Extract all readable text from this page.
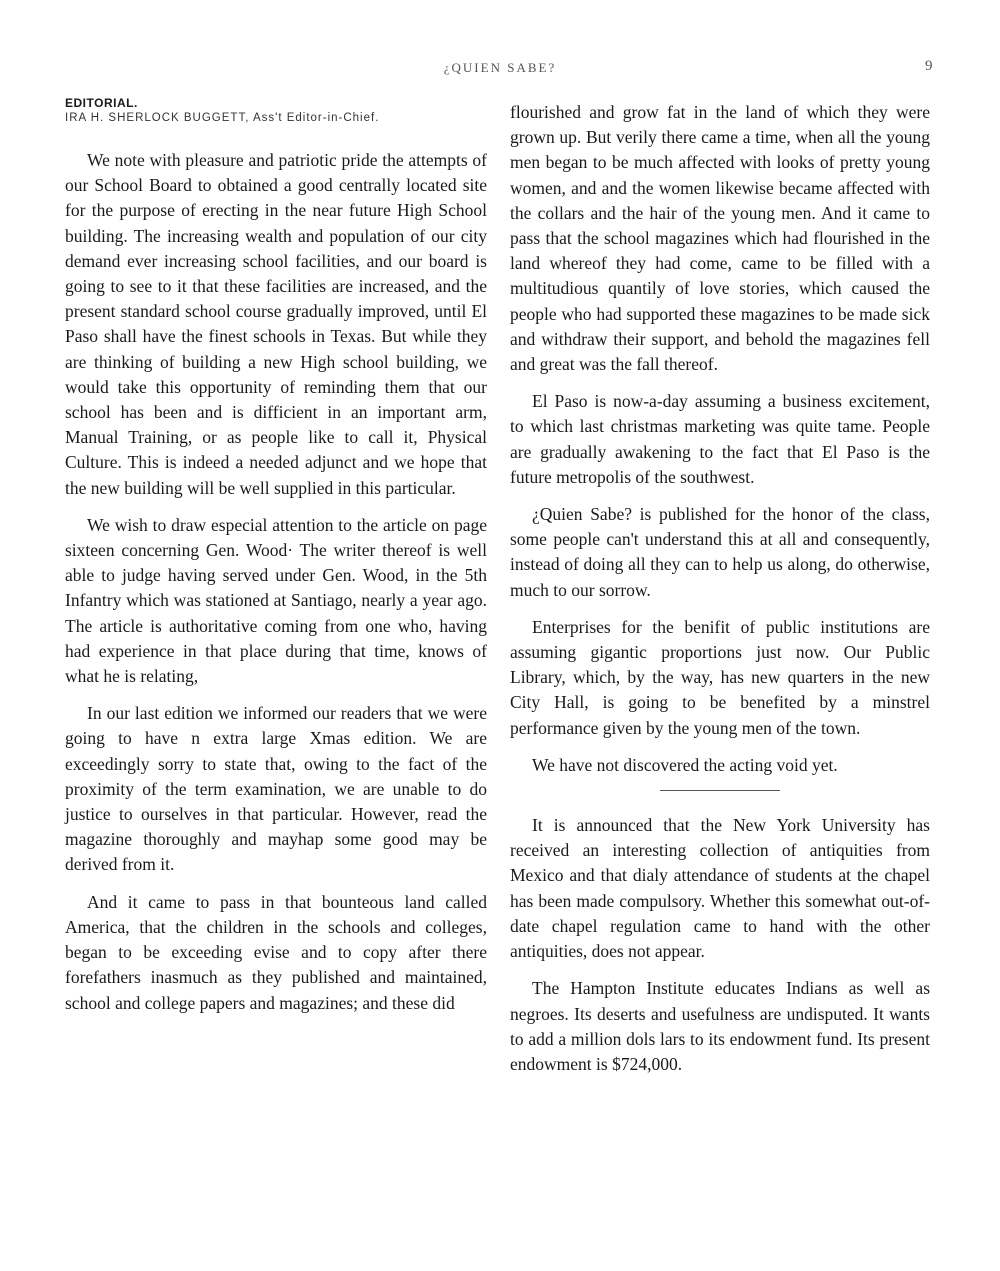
¿QUIEN SABE?	9

EDITORIAL.

IRA H. SHERLOCK BUGGETT, Ass't Editor-in-Chief.

We note with pleasure and patriotic pride the attempts of our School Board to obtained a good centrally located site for the purpose of erecting in the near future High School building. The increasing wealth and population of our city demand ever increasing school facilities, and our board is going to see to it that these facilities are increased, and the present standard school course gradually improved, until El Paso shall have the finest schools in Texas. But while they are thinking of building a new High school building, we would take this opportunity of reminding them that our school has been and is difficient in an important arm, Manual Training, or as people like to call it, Physical Culture. This is indeed a needed adjunct and we hope that the new building will be well supplied in this particular.

We wish to draw especial attention to the article on page sixteen concerning Gen. Wood· The writer thereof is well able to judge having served under Gen. Wood, in the 5th Infantry which was stationed at Santiago, nearly a year ago. The article is authoritative coming from one who, having had experience in that place during that time, knows of what he is relating,

In our last edition we informed our readers that we were going to have n extra large Xmas edition. We are exceedingly sorry to state that, owing to the fact of the proximity of the term examination, we are unable to do justice to ourselves in that particular. However, read the magazine thoroughly and mayhap some good may be derived from it.

And it came to pass in that bounteous land called America, that the children in the schools and colleges, began to be exceeding evise and to copy after there forefathers inasmuch as they published and maintained, school and college papers and magazines; and these did

flourished and grow fat in the land of which they were grown up. But verily there came a time, when all the young men began to be much affected with looks of pretty young women, and and the women likewise became affected with the collars and the hair of the young men. And it came to pass that the school magazines which had flourished in the land whereof they had come, came to be filled with a multitudious quantily of love stories, which caused the people who had supported these magazines to be made sick and withdraw their support, and behold the magazines fell and great was the fall thereof.

El Paso is now-a-day assuming a business excitement, to which last christmas marketing was quite tame. People are gradually awakening to the fact that El Paso is the future metropolis of the southwest.

¿Quien Sabe? is published for the honor of the class, some people can't understand this at all and consequently, instead of doing all they can to help us along, do otherwise, much to our sorrow.

Enterprises for the benifit of public institutions are assuming gigantic proportions just now. Our Public Library, which, by the way, has new quarters in the new City Hall, is going to be benefited by a minstrel performance given by the young men of the town.

We have not discovered the acting void yet.

It is announced that the New York University has received an interesting collection of antiquities from Mexico and that dialy attendance of students at the chapel has been made compulsory. Whether this somewhat out-of-date chapel regulation came to hand with the other antiquities, does not appear.

The Hampton Institute educates Indians as well as negroes. Its deserts and usefulness are undisputed. It wants to add a million dols lars to its endowment fund. Its present endowment is $724,000.
